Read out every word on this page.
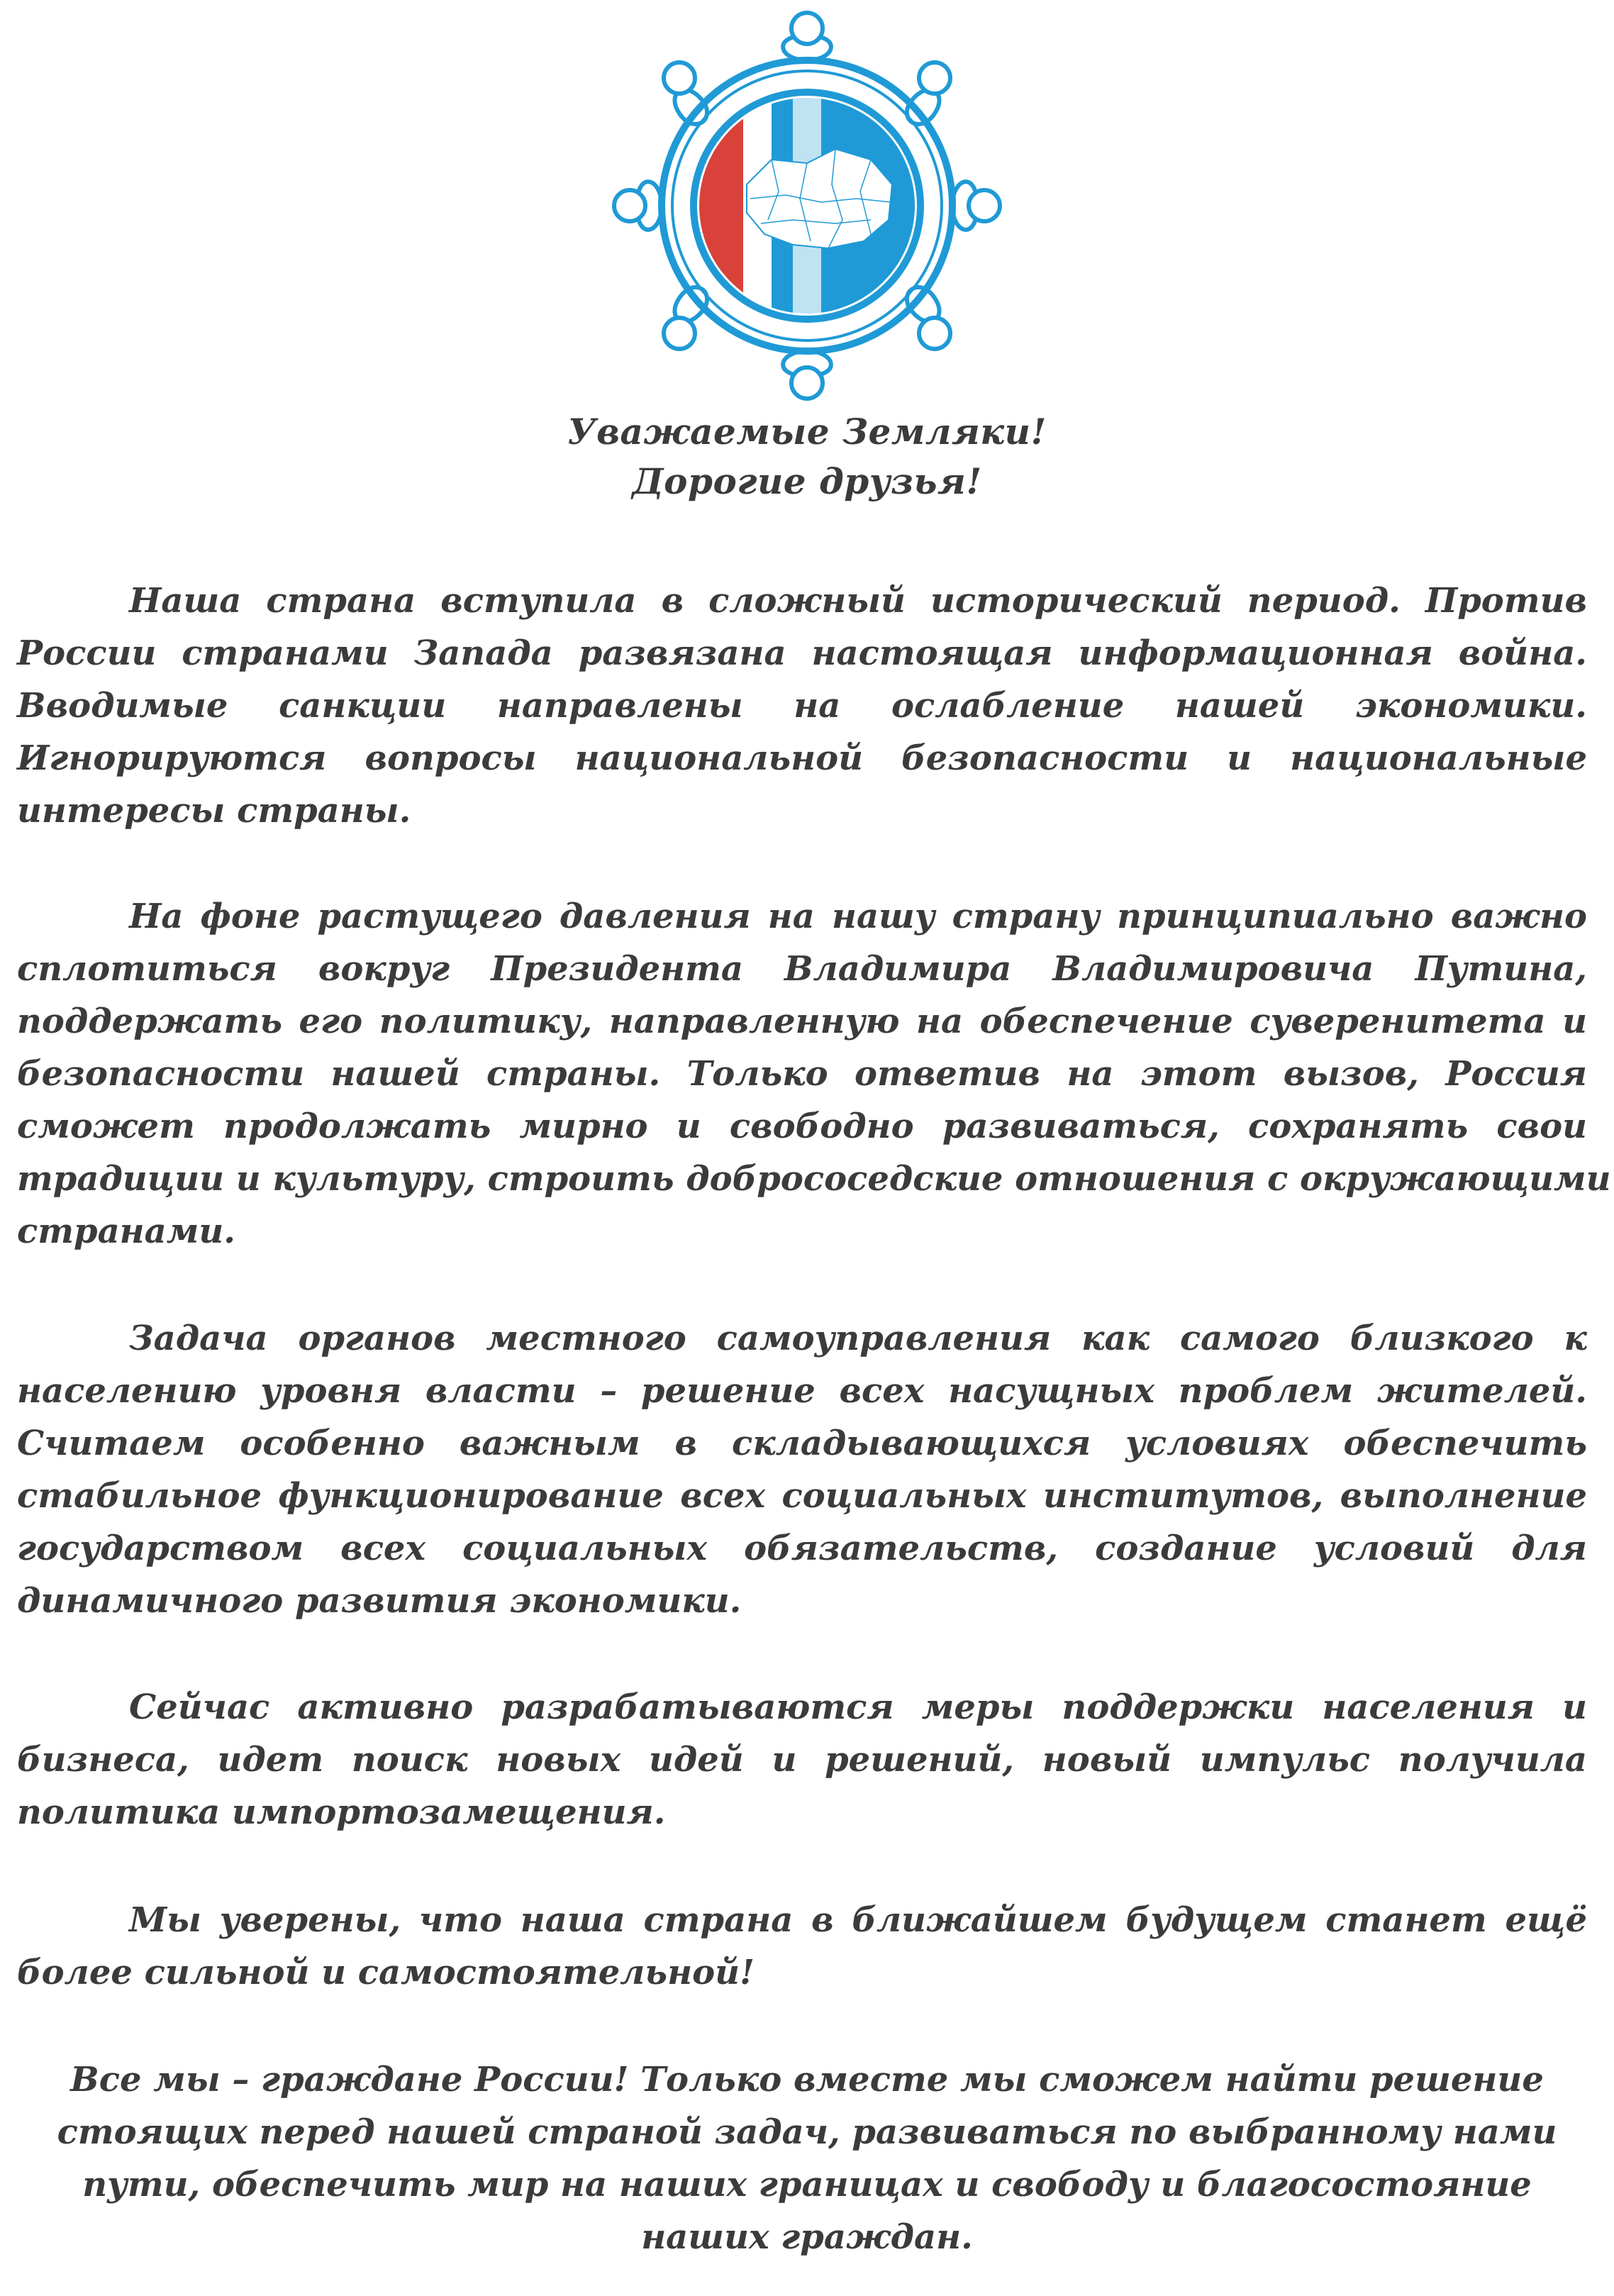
Уважаемые Земляки!
Дорогие друзья!
Наша страна вступила в сложный исторический период. Против
России странами Запада развязана настоящая информационная война.
Вводимые санкции направлены на ослабление нашей экономики.
Игнорируются вопросы национальной безопасности и национальные
интересы страны.
На фоне растущего давления на нашу страну принципиально важно
сплотиться вокруг Президента Владимира Владимировича Путина,
поддержать его политику, направленную на обеспечение суверенитета и
безопасности нашей страны. Только ответив на этот вызов, Россия
сможет продолжать мирно и свободно развиваться, сохранять свои
традиции и культуру, строить добрососедские отношения с окружающими
странами.
Задача органов местного самоуправления как самого близкого к
населению уровня власти – решение всех насущных проблем жителей.
Считаем особенно важным в складывающихся условиях обеспечить
стабильное функционирование всех социальных институтов, выполнение
государством всех социальных обязательств, создание условий для
динамичного развития экономики.
Сейчас активно разрабатываются меры поддержки населения и
бизнеса, идет поиск новых идей и решений, новый импульс получила
политика импортозамещения.
Мы уверены, что наша страна в ближайшем будущем станет ещё
более сильной и самостоятельной!
Все мы – граждане России! Только вместе мы сможем найти решение
стоящих перед нашей страной задач, развиваться по выбранному нами
пути, обеспечить мир на наших границах и свободу и благосостояние
наших граждан.
